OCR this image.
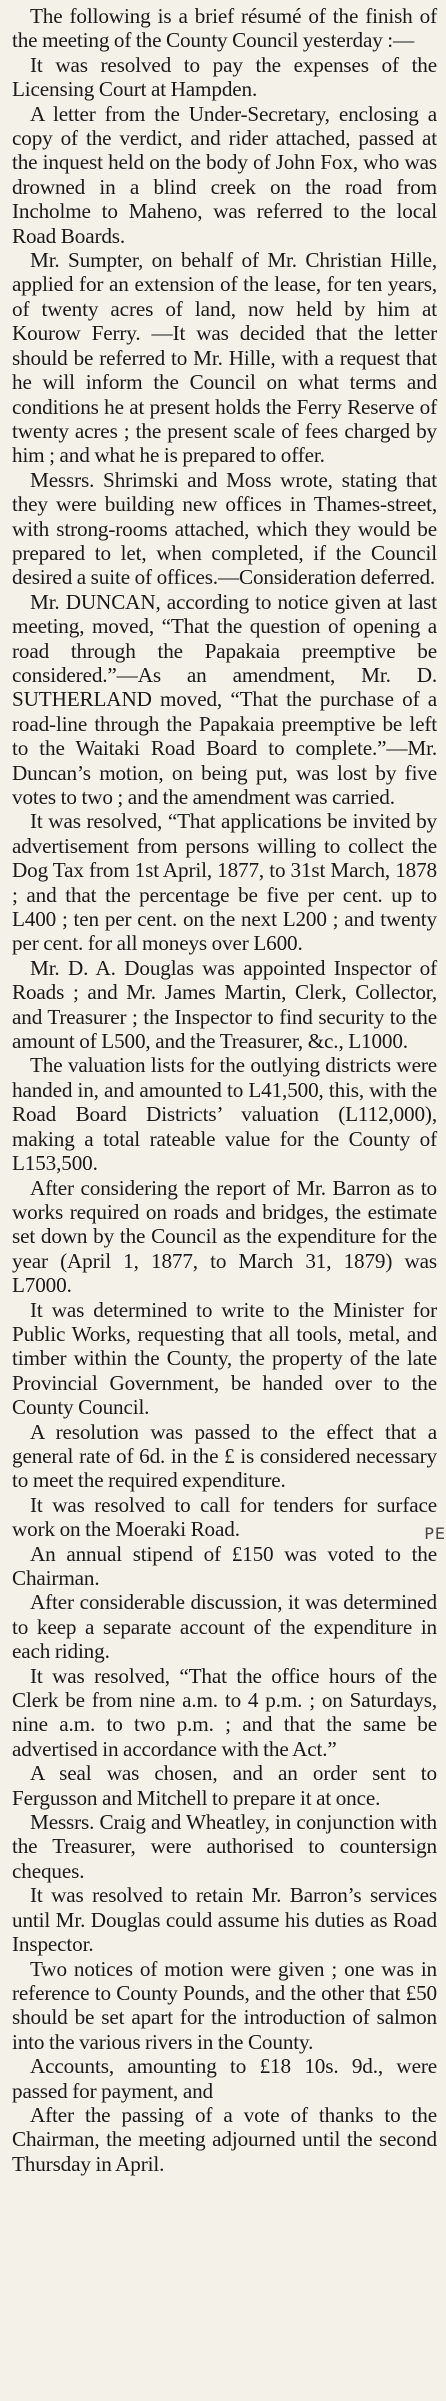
The following is a brief résumé of the finish of the meeting of the County Council yesterday :—

It was resolved to pay the expenses of the Licensing Court at Hampden.

A letter from the Under-Secretary, enclosing a copy of the verdict, and rider attached, passed at the inquest held on the body of John Fox, who was drowned in a blind creek on the road from Incholme to Maheno, was referred to the local Road Boards.

Mr. Sumpter, on behalf of Mr. Christian Hille, applied for an extension of the lease, for ten years, of twenty acres of land, now held by him at Kourow Ferry. —It was decided that the letter should be referred to Mr. Hille, with a request that he will inform the Council on what terms and conditions he at present holds the Ferry Reserve of twenty acres ; the present scale of fees charged by him ; and what he is prepared to offer.

Messrs. Shrimski and Moss wrote, stating that they were building new offices in Thames-street, with strong-rooms attached, which they would be prepared to let, when completed, if the Council desired a suite of offices.—Consideration deferred.

Mr. DUNCAN, according to notice given at last meeting, moved, “That the question of opening a road through the Papakaia preemptive be considered.”—As an amendment, Mr. D. SUTHERLAND moved, “That the purchase of a road-line through the Papakaia preemptive be left to the Waitaki Road Board to complete.”—Mr. Duncan’s motion, on being put, was lost by five votes to two ; and the amendment was carried.

It was resolved, “That applications be invited by advertisement from persons willing to collect the Dog Tax from 1st April, 1877, to 31st March, 1878 ; and that the percentage be five per cent. up to L400 ; ten per cent. on the next L200 ; and twenty per cent. for all moneys over L600.

Mr. D. A. Douglas was appointed Inspector of Roads ; and Mr. James Martin, Clerk, Collector, and Treasurer ; the Inspector to find security to the amount of L500, and the Treasurer, &c., L1000.

The valuation lists for the outlying districts were handed in, and amounted to L41,500, this, with the Road Board Districts’ valuation (L112,000), making a total rateable value for the County of L153,500.

After considering the report of Mr. Barron as to works required on roads and bridges, the estimate set down by the Council as the expenditure for the year (April 1, 1877, to March 31, 1879) was L7000.

It was determined to write to the Minister for Public Works, requesting that all tools, metal, and timber within the County, the property of the late Provincial Government, be handed over to the County Council.

A resolution was passed to the effect that a general rate of 6d. in the £ is considered necessary to meet the required expenditure.

It was resolved to call for tenders for surface work on the Moeraki Road.

An annual stipend of £150 was voted to the Chairman.

After considerable discussion, it was determined to keep a separate account of the expenditure in each riding.

It was resolved, “That the office hours of the Clerk be from nine a.m. to 4 p.m. ; on Saturdays, nine a.m. to two p.m. ; and that the same be advertised in accordance with the Act.”

A seal was chosen, and an order sent to Fergusson and Mitchell to prepare it at once.

Messrs. Craig and Wheatley, in conjunction with the Treasurer, were authorised to countersign cheques.

It was resolved to retain Mr. Barron’s services until Mr. Douglas could assume his duties as Road Inspector.

Two notices of motion were given ; one was in reference to County Pounds, and the other that £50 should be set apart for the introduction of salmon into the various rivers in the County.

Accounts, amounting to £18 10s. 9d., were passed for payment, and

After the passing of a vote of thanks to the Chairman, the meeting adjourned until the second Thursday in April.

PE
